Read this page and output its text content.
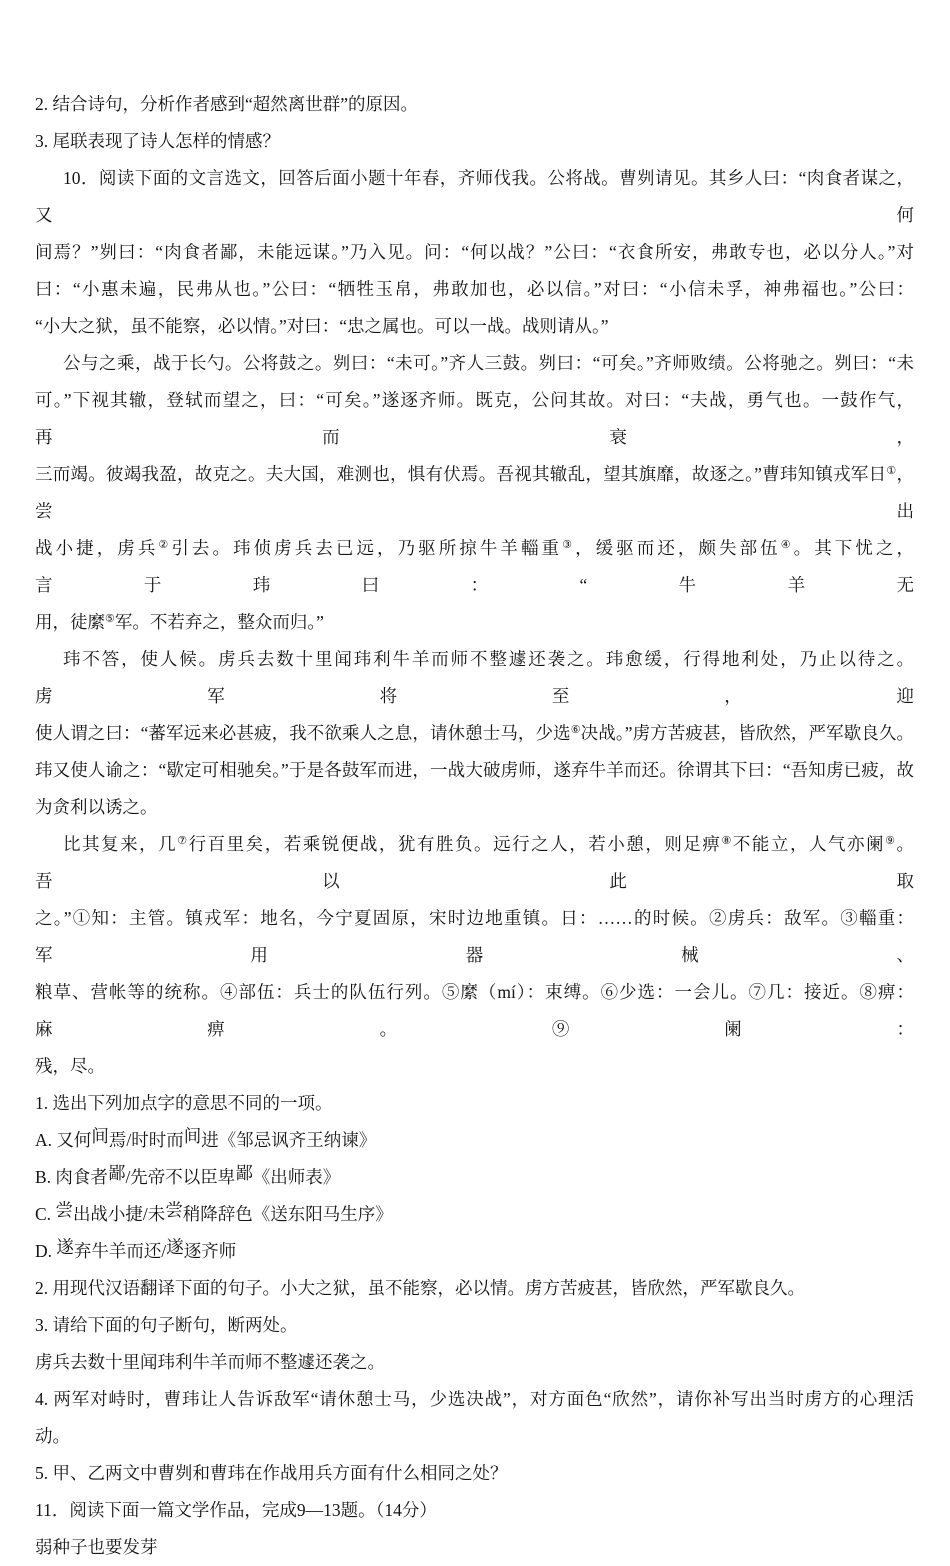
2. 结合诗句，分析作者感到“超然离世群”的原因。
3. 尾联表现了诗人怎样的情感？
10．阅读下面的文言选文，回答后面小题十年春，齐师伐我。公将战。曹刿请见。其乡人曰：“肉食者谋之，又何
间焉？”刿曰：“肉食者鄙，未能远谋。”乃入见。问：“何以战？”公曰：“衣食所安，弗敢专也，必以分人。”对
曰：“小惠未遍，民弗从也。”公曰：“牺牲玉帛，弗敢加也，必以信。”对曰：“小信未孚，神弗福也。”公曰：
“小大之狱，虽不能察，必以情。”对曰：“忠之属也。可以一战。战则请从。”
公与之乘，战于长勺。公将鼓之。刿曰：“未可。”齐人三鼓。刿曰：“可矣。”齐师败绩。公将驰之。刿曰：“未
可。”下视其辙，登轼而望之，曰：“可矣。”遂逐齐师。既克，公问其故。对曰：“夫战，勇气也。一鼓作气，再而衰，
三而竭。彼竭我盈，故克之。夫大国，难测也，惧有伏焉。吾视其辙乱，望其旗靡，故逐之。”曹玮知镇戎军日①，尝出
战小捷，虏兵②引去。玮侦虏兵去已远，乃驱所掠牛羊輜重③，缓驱而还，颇失部伍④。其下忧之，言于玮曰：“牛羊无
用，徒縻⑤军。不若弃之，整众而归。”
玮不答，使人候。虏兵去数十里闻玮利牛羊而师不整遽还袭之。玮愈缓，行得地利处，乃止以待之。虏军将至，迎
使人谓之曰：“蕃军远来必甚疲，我不欲乘人之息，请休憩士马，少选⑥决战。”虏方苦疲甚，皆欣然，严军歇良久。
玮又使人谕之：“歇定可相驰矣。”于是各鼓军而进，一战大破虏师，遂弃牛羊而还。徐谓其下曰：“吾知虏已疲，故
为贪利以诱之。
比其复来，几⑦行百里矣，若乘锐便战，犹有胜负。远行之人，若小憩，则足痹⑧不能立，人气亦阑⑨。吾以此取
之。”①知：主管。镇戎军：地名，今宁夏固原，宋时边地重镇。日：……的时候。②虏兵：敌军。③輜重：军用器械、
粮草、营帐等的统称。④部伍：兵士的队伍行列。⑤縻（mí）：束缚。⑥少选：一会儿。⑦几：接近。⑧痹：麻痹。⑨阑：
残，尽。
1. 选出下列加点字的意思不同的一项。
A. 又何间焉/时时而间进《邹忌讽齐王纳谏》
B. 肉食者鄙/先帝不以臣卑鄙《出师表》
C. 尝出战小捷/未尝稍降辞色《送东阳马生序》
D. 遂弃牛羊而还/遂逐齐师
2. 用现代汉语翻译下面的句子。小大之狱，虽不能察，必以情。虏方苦疲甚，皆欣然，严军歇良久。
3. 请给下面的句子断句，断两处。
虏兵去数十里闻玮利牛羊而师不整遽还袭之。
4. 两军对峙时，曹玮让人告诉敌军“请休憩士马，少选决战”，对方面色“欣然”，请你补写出当时虏方的心理活
动。
5. 甲、乙两文中曹刿和曹玮在作战用兵方面有什么相同之处？
11．阅读下面一篇文学作品，完成9—13题。（14分）
弱种子也要发芽
